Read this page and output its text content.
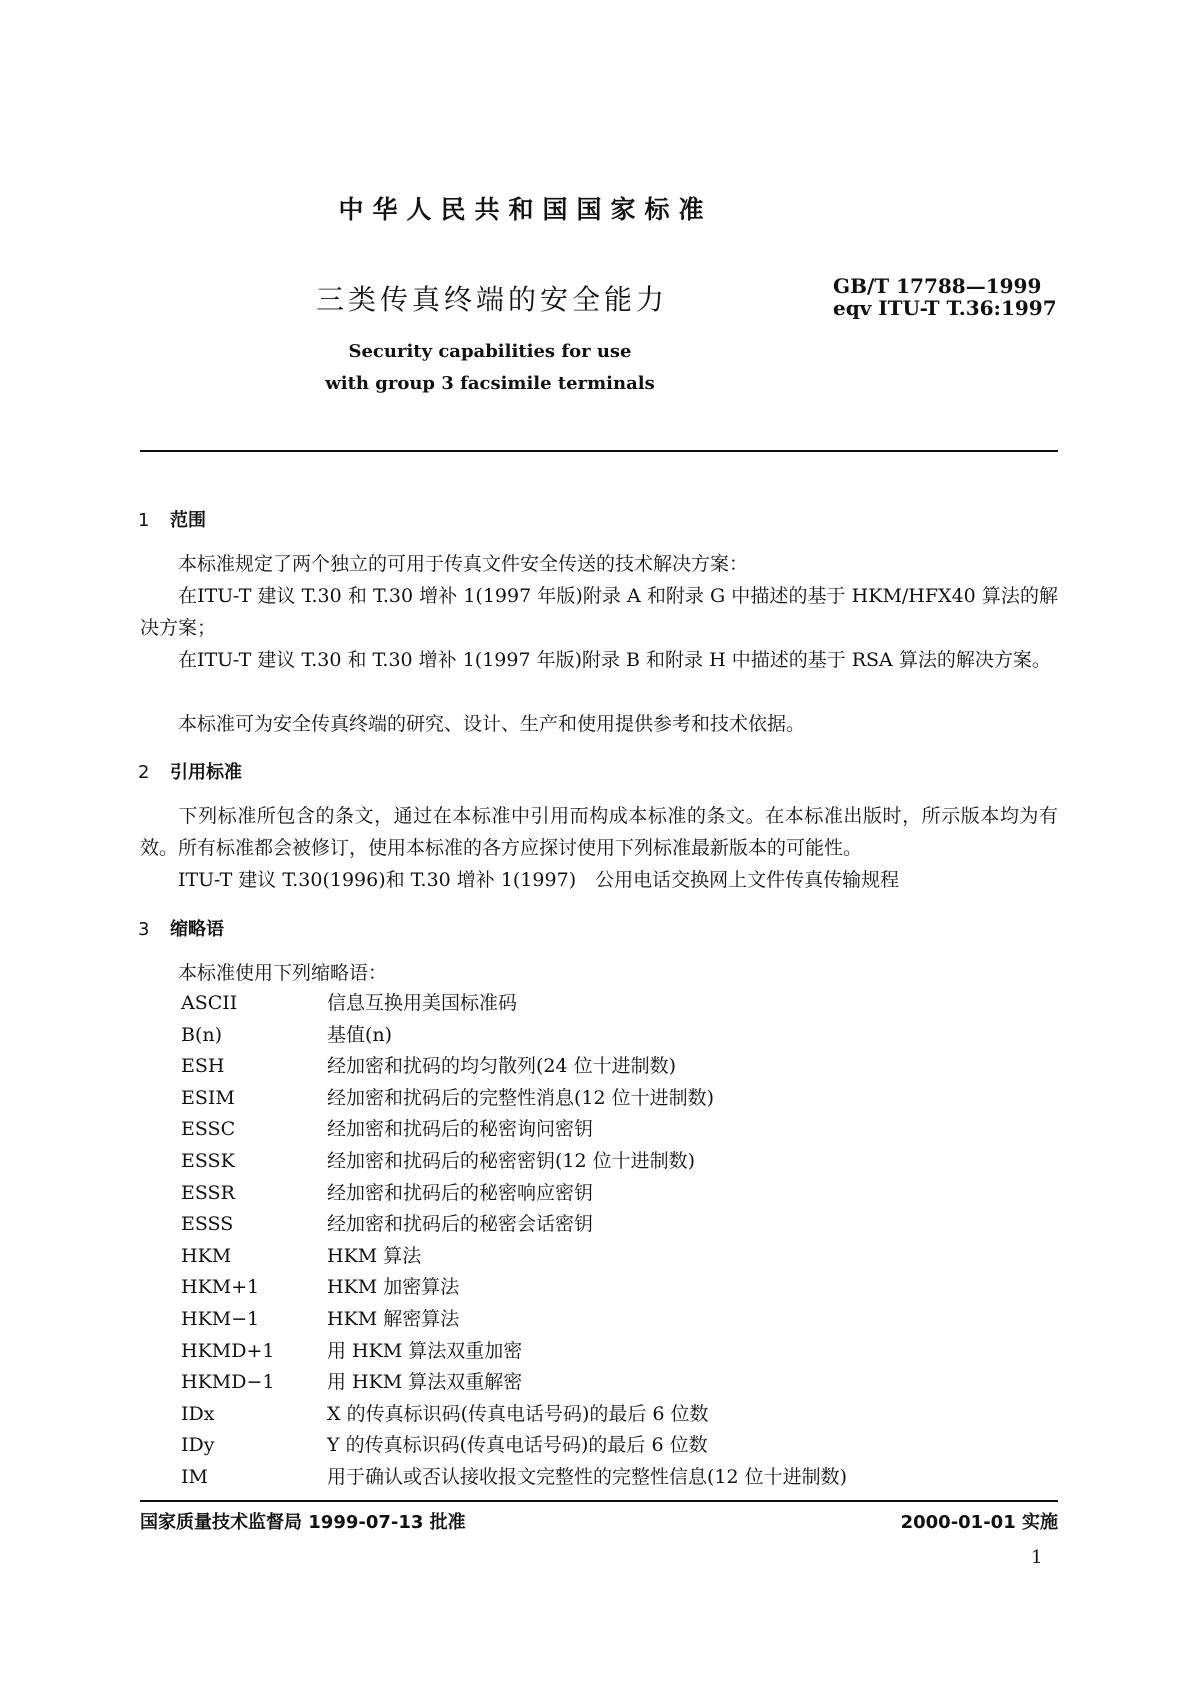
中华人民共和国国家标准
三类传真终端的安全能力	GB/T 17788—1999
eqv ITU-T T.36:1997
Security capabilities for use
with group 3 facsimile terminals
1 范围
本标准规定了两个独立的可用于传真文件安全传送的技术解决方案：
在ITU-T 建议 T.30 和 T.30 增补 1(1997 年版)附录 A 和附录 G 中描述的基于 HKM/HFX40 算法的解决方案；
在ITU-T 建议 T.30 和 T.30 增补 1(1997 年版)附录 B 和附录 H 中描述的基于 RSA 算法的解决方案。
本标准可为安全传真终端的研究、设计、生产和使用提供参考和技术依据。
2 引用标准
下列标准所包含的条文，通过在本标准中引用而构成本标准的条文。在本标准出版时，所示版本均为有效。所有标准都会被修订，使用本标准的各方应探讨使用下列标准最新版本的可能性。
ITU-T 建议 T.30(1996)和 T.30 增补 1(1997)　公用电话交换网上文件传真传输规程
3 缩略语
本标准使用下列缩略语：
ASCII	信息互换用美国标准码
B(n)	基值(n)
ESH	经加密和扰码的均匀散列(24 位十进制数)
ESIM	经加密和扰码后的完整性消息(12 位十进制数)
ESSC	经加密和扰码后的秘密询问密钥
ESSK	经加密和扰码后的秘密密钥(12 位十进制数)
ESSR	经加密和扰码后的秘密响应密钥
ESSS	经加密和扰码后的秘密会话密钥
HKM	HKM 算法
HKM+1	HKM 加密算法
HKM−1	HKM 解密算法
HKMD+1	用 HKM 算法双重加密
HKMD−1	用 HKM 算法双重解密
IDx	X 的传真标识码(传真电话号码)的最后 6 位数
IDy	Y 的传真标识码(传真电话号码)的最后 6 位数
IM	用于确认或否认接收报文完整性的完整性信息(12 位十进制数)
国家质量技术监督局 1999-07-13 批准	2000-01-01 实施
1
